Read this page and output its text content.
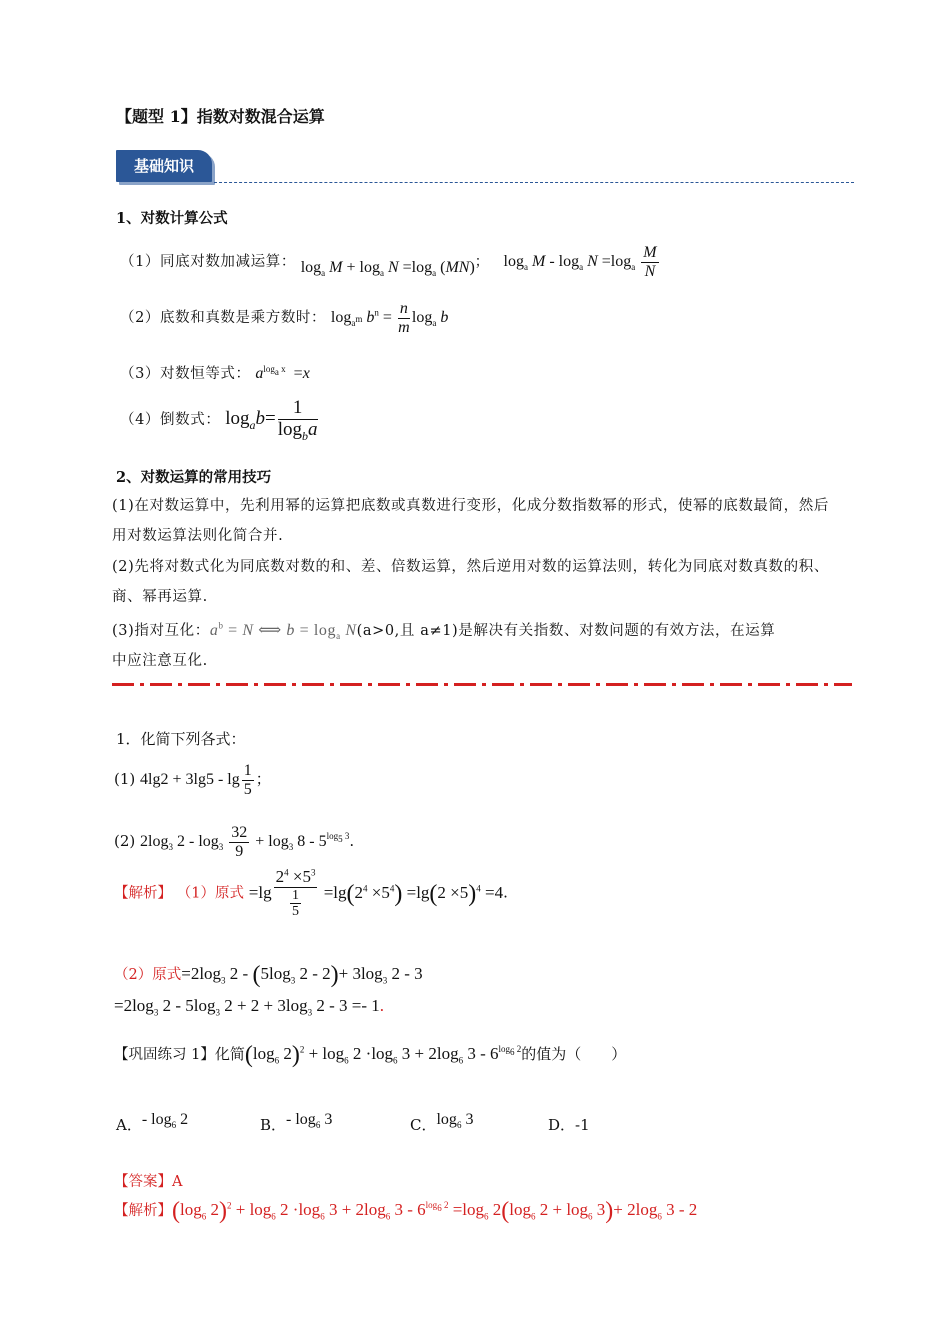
【题型 1】指数对数混合运算
基础知识
1、对数计算公式
（1）同底对数加减运算： $\log_a M + \log_a N =\log_a$ (MN)； $\log_a M - \log_a N =\log_a \frac{M}{N}$
（2）底数和真数是乘方数时： $\log_{a^m} b^n = \frac{n}{m} \log_a b$
（3）对数恒等式： $a^{log_a x} =x$
（4）倒数式： $\log_ab= \frac{1}{\log_ba}$
2、对数运算的常用技巧
(1)在对数运算中，先利用幂的运算把底数或真数进行变形，化成分数指数幂的形式，使幂的底数最简，然后用对数运算法则化简合并.
(2)先将对数式化为同底数对数的和、差、倍数运算，然后逆用对数的运算法则，转化为同底对数真数的积、商、幂再运算.
(3)指对互化：$a^b = N$ ⟺ $b = \log_a N(a>0$,且 a≠1)是解决有关指数、对数问题的有效方法，在运算
中应注意互化.
1．化简下列各式：
(1) $4\lg 2 + 3\lg 5 - \lg \frac{1}{5}$ ；
(2) $2\log_3$ $2 - \log_3 \frac{32}{9} + \log_3 8 - 5^{log_5 3}$.
【解析】 （1）原式 $=\lg \frac{2^4 \times 5^3}{\frac{1}{5}} =\lg(2^4 \times 5^4) =\lg(2 \times 5)^4 =4$.
（2）原式$=2\log_3$ $2 - (5\log_3$ $2 - 2)+ 3\log_3$ 2 - 3
$=2\log_3$ $2 - 5\log_3$ $2 + 2 + 3\log_3$ 2 - 3 =- 1.
【巩固练习 1】化简($\log_6$ $2)^2 + \log_6 2 \cdot\log_6$ $3 + 2\log_6$ $3 - 6^{log_6 2}$的值为（　　）
A．- $\log_6 2$	B．- $\log_6 3$	C．$\log_6 3$	D．-1
【答案】A
【解析】($\log_6$ $2)^2 + \log_6 2 \cdot\log_6$ $3 + 2\log_6$ $3 - 6^{log_6 2} =\log_6$ $2(\log_6$ $2 + \log_6 3)+ 2\log_6$ 3 - 2
